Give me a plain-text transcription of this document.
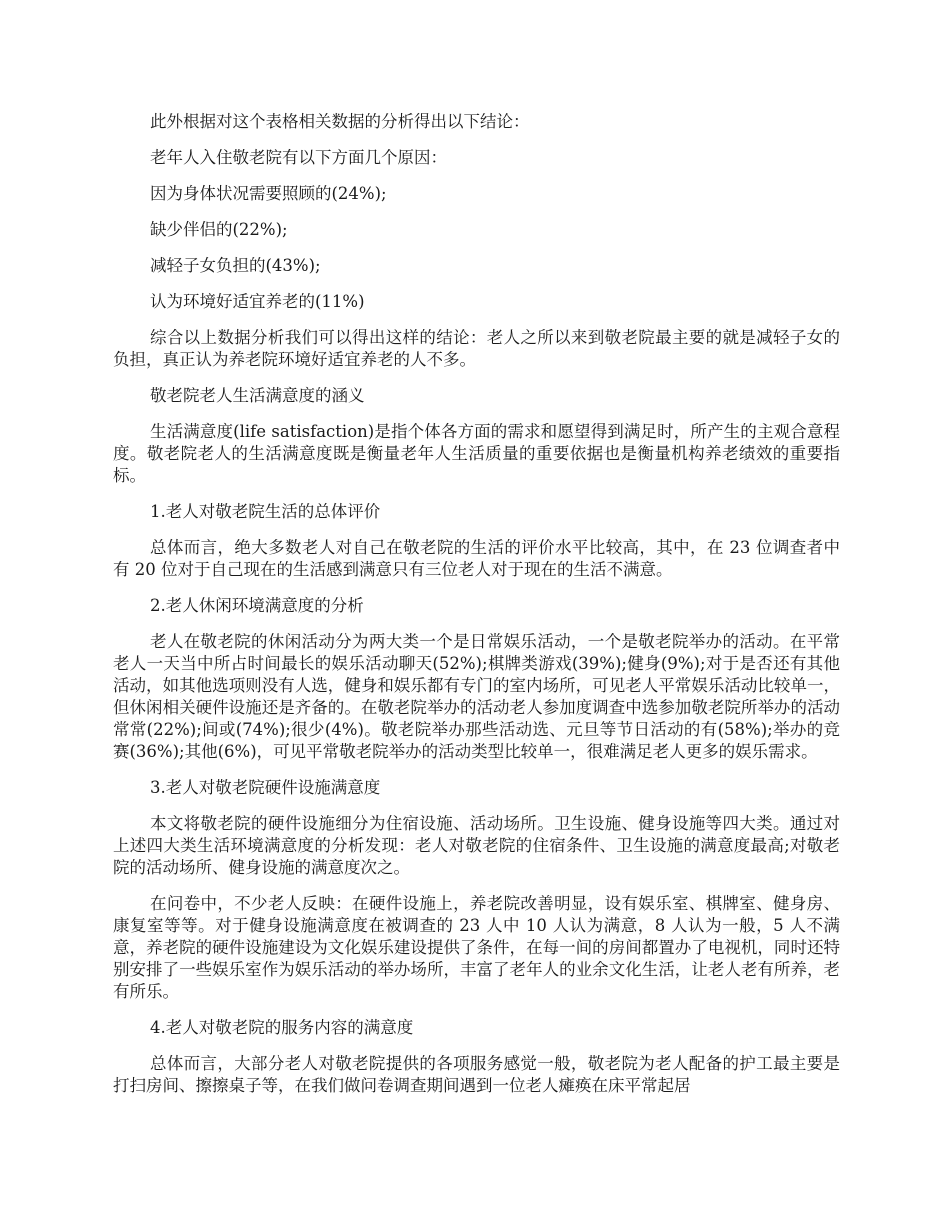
此外根据对这个表格相关数据的分析得出以下结论：

老年人入住敬老院有以下方面几个原因：

因为身体状况需要照顾的(24%);

缺少伴侣的(22%);

减轻子女负担的(43%);

认为环境好适宜养老的(11%)

综合以上数据分析我们可以得出这样的结论：老人之所以来到敬老院最主要的就是减轻子女的负担，真正认为养老院环境好适宜养老的人不多。

敬老院老人生活满意度的涵义

生活满意度(life satisfaction)是指个体各方面的需求和愿望得到满足时，所产生的主观合意程度。敬老院老人的生活满意度既是衡量老年人生活质量的重要依据也是衡量机构养老绩效的重要指标。

1.老人对敬老院生活的总体评价

总体而言，绝大多数老人对自己在敬老院的生活的评价水平比较高，其中，在 23 位调查者中有 20 位对于自己现在的生活感到满意只有三位老人对于现在的生活不满意。

2.老人休闲环境满意度的分析

老人在敬老院的休闲活动分为两大类一个是日常娱乐活动，一个是敬老院举办的活动。在平常老人一天当中所占时间最长的娱乐活动聊天(52%);棋牌类游戏(39%);健身(9%);对于是否还有其他活动，如其他选项则没有人选，健身和娱乐都有专门的室内场所，可见老人平常娱乐活动比较单一，但休闲相关硬件设施还是齐备的。在敬老院举办的活动老人参加度调查中选参加敬老院所举办的活动常常(22%);间或(74%);很少(4%)。敬老院举办那些活动选、元旦等节日活动的有(58%);举办的竞赛(36%);其他(6%)，可见平常敬老院举办的活动类型比较单一，很难满足老人更多的娱乐需求。

3.老人对敬老院硬件设施满意度

本文将敬老院的硬件设施细分为住宿设施、活动场所。卫生设施、健身设施等四大类。通过对上述四大类生活环境满意度的分析发现：老人对敬老院的住宿条件、卫生设施的满意度最高;对敬老院的活动场所、健身设施的满意度次之。

在问卷中，不少老人反映：在硬件设施上，养老院改善明显，设有娱乐室、棋牌室、健身房、康复室等等。对于健身设施满意度在被调查的 23 人中 10 人认为满意，8 人认为一般，5 人不满意，养老院的硬件设施建设为文化娱乐建设提供了条件，在每一间的房间都置办了电视机，同时还特别安排了一些娱乐室作为娱乐活动的举办场所，丰富了老年人的业余文化生活，让老人老有所养，老有所乐。

4.老人对敬老院的服务内容的满意度

总体而言，大部分老人对敬老院提供的各项服务感觉一般，敬老院为老人配备的护工最主要是打扫房间、擦擦桌子等，在我们做问卷调查期间遇到一位老人瘫痪在床平常起居
